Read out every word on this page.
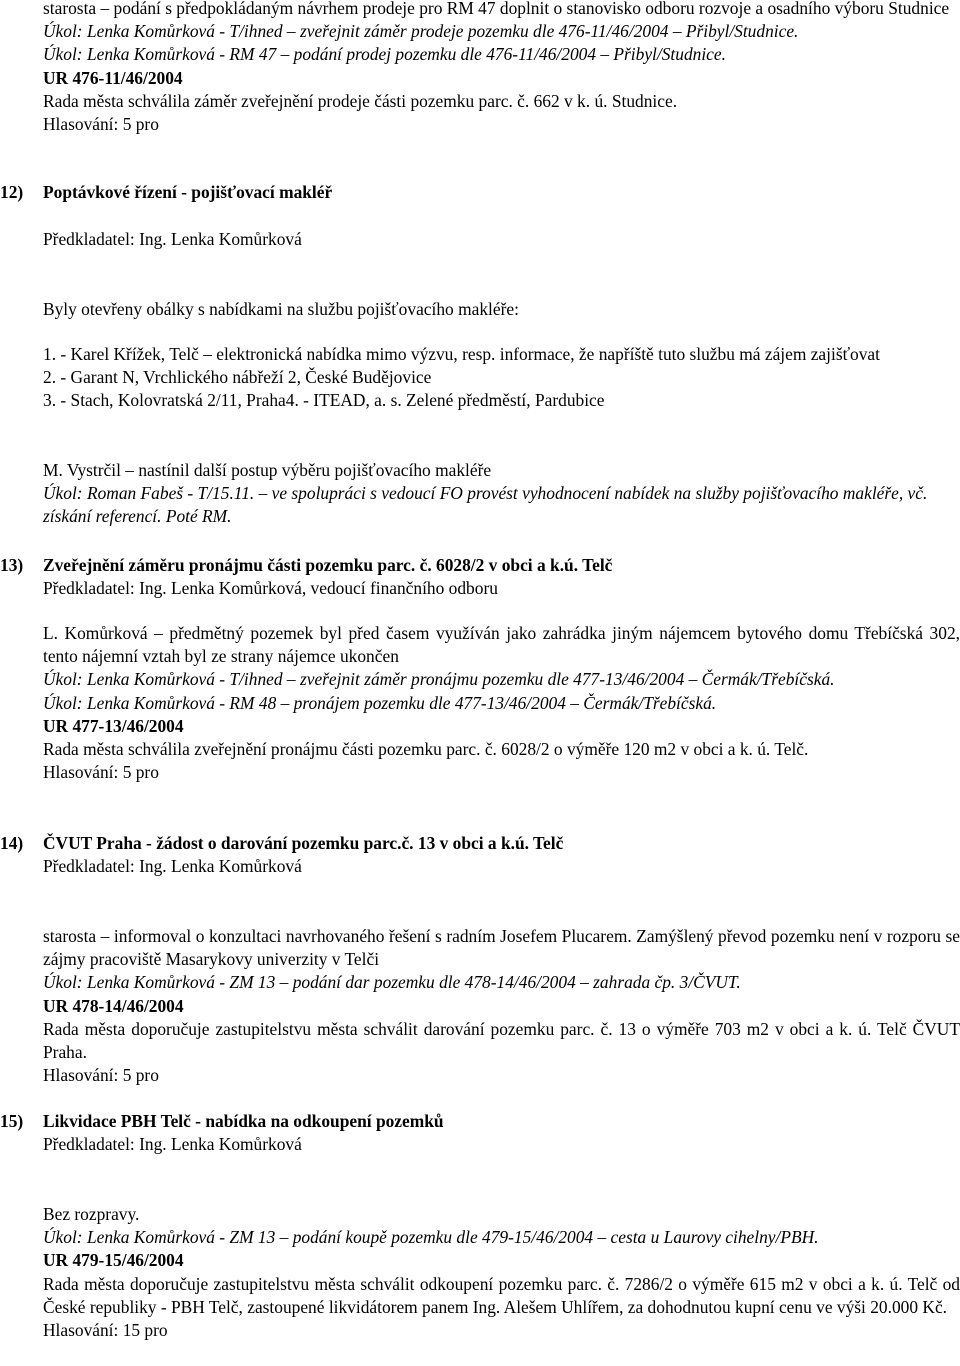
starosta – podání s předpokládaným návrhem prodeje pro RM 47 doplnit o stanovisko odboru rozvoje a osadního výboru Studnice

Úkol: Lenka Komůrková - T/ihned – zveřejnit záměr prodeje pozemku dle 476-11/46/2004 – Přibyl/Studnice.

Úkol: Lenka Komůrková - RM 47 – podání prodej pozemku dle 476-11/46/2004 – Přibyl/Studnice.

UR 476-11/46/2004

Rada města schválila záměr zveřejnění prodeje části pozemku parc. č. 662 v k. ú. Studnice.

Hlasování: 5 pro

12) Poptávkové řízení - pojišťovací makléř

Předkladatel: Ing. Lenka Komůrková

Byly otevřeny obálky s nabídkami na službu pojišťovacího makléře:

1. - Karel Křížek, Telč – elektronická nabídka mimo výzvu, resp. informace, že napříště tuto službu má zájem zajišťovat

2. - Garant N, Vrchlického nábřeží 2, České Budějovice

3. - Stach, Kolovratská 2/11, Praha4. - ITEAD, a. s. Zelené předměstí, Pardubice

M. Vystrčil – nastínil další postup výběru pojišťovacího makléře

Úkol: Roman Fabeš - T/15.11. – ve spolupráci s vedoucí FO provést vyhodnocení nabídek na služby pojišťovacího makléře, vč. získání referencí. Poté RM.

13) Zveřejnění záměru pronájmu části pozemku parc. č. 6028/2 v obci a k.ú. Telč

Předkladatel: Ing. Lenka Komůrková, vedoucí finančního odboru

L. Komůrková – předmětný pozemek byl před časem využíván jako zahrádka jiným nájemcem bytového domu Třebíčská 302, tento nájemní vztah byl ze strany nájemce ukončen

Úkol: Lenka Komůrková - T/ihned – zveřejnit záměr pronájmu pozemku dle 477-13/46/2004 – Čermák/Třebíčská.

Úkol: Lenka Komůrková - RM 48 – pronájem pozemku dle 477-13/46/2004 – Čermák/Třebíčská.

UR 477-13/46/2004

Rada města schválila zveřejnění pronájmu části pozemku parc. č. 6028/2 o výměře 120 m2 v obci a k. ú. Telč.

Hlasování: 5 pro

14) ČVUT Praha - žádost o darování pozemku parc.č. 13 v obci a k.ú. Telč

Předkladatel: Ing. Lenka Komůrková

starosta – informoval o konzultaci navrhovaného řešení s radním Josefem Plucarem. Zamýšlený převod pozemku není v rozporu se zájmy pracoviště Masarykovy univerzity v Telči

Úkol: Lenka Komůrková - ZM 13 – podání dar pozemku dle 478-14/46/2004 – zahrada čp. 3/ČVUT.

UR 478-14/46/2004

Rada města doporučuje zastupitelstvu města schválit darování pozemku parc. č. 13 o výměře 703 m2 v obci a k. ú. Telč ČVUT Praha.

Hlasování: 5 pro

15) Likvidace PBH Telč - nabídka na odkoupení pozemků

Předkladatel: Ing. Lenka Komůrková

Bez rozpravy.

Úkol: Lenka Komůrková - ZM 13 – podání koupě pozemku dle 479-15/46/2004 – cesta u Laurovy cihelny/PBH.

UR 479-15/46/2004

Rada města doporučuje zastupitelstvu města schválit odkoupení pozemku parc. č. 7286/2 o výměře 615 m2 v obci a k. ú. Telč od České republiky - PBH Telč, zastoupené likvidátorem panem Ing. Alešem Uhlířem, za dohodnutou kupní cenu ve výši 20.000 Kč.

Hlasování: 15 pro
